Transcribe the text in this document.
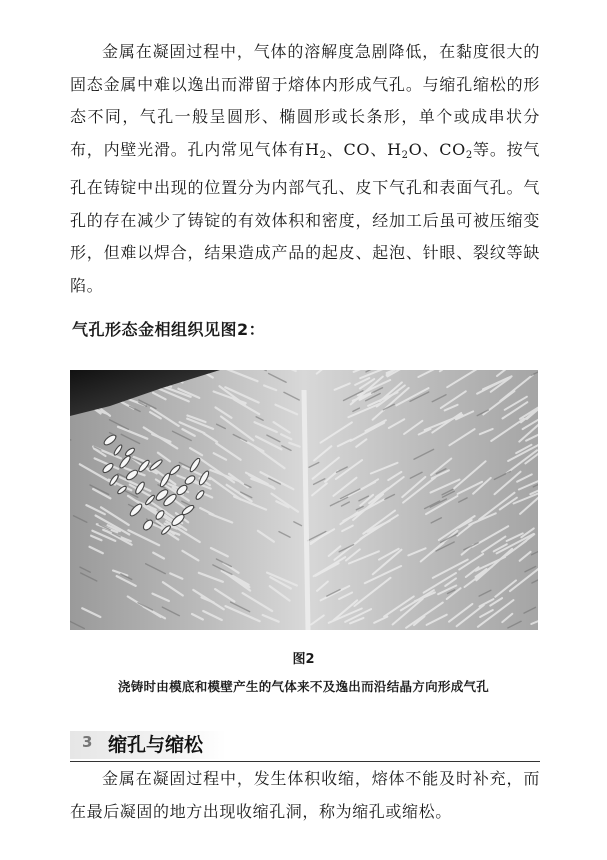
金属在凝固过程中，气体的溶解度急剧降低，在黏度很大的固态金属中难以逸出而滞留于熔体内形成气孔。与缩孔缩松的形态不同，气孔一般呈圆形、椭圆形或长条形，单个或成串状分布，内壁光滑。孔内常见气体有$H_2$、CO、$H_2O$、$CO_2$等。按气孔在铸锭中出现的位置分为内部气孔、皮下气孔和表面气孔。气孔的存在减少了铸锭的有效体积和密度，经加工后虽可被压缩变形，但难以焊合，结果造成产品的起皮、起泡、针眼、裂纹等缺陷。

气孔形态金相组织见图2：
图2
浇铸时由模底和模壁产生的气体来不及逸出而沿结晶方向形成气孔
3 缩孔与缩松

金属在凝固过程中，发生体积收缩，熔体不能及时补充，而在最后凝固的地方出现收缩孔洞，称为缩孔或缩松。
